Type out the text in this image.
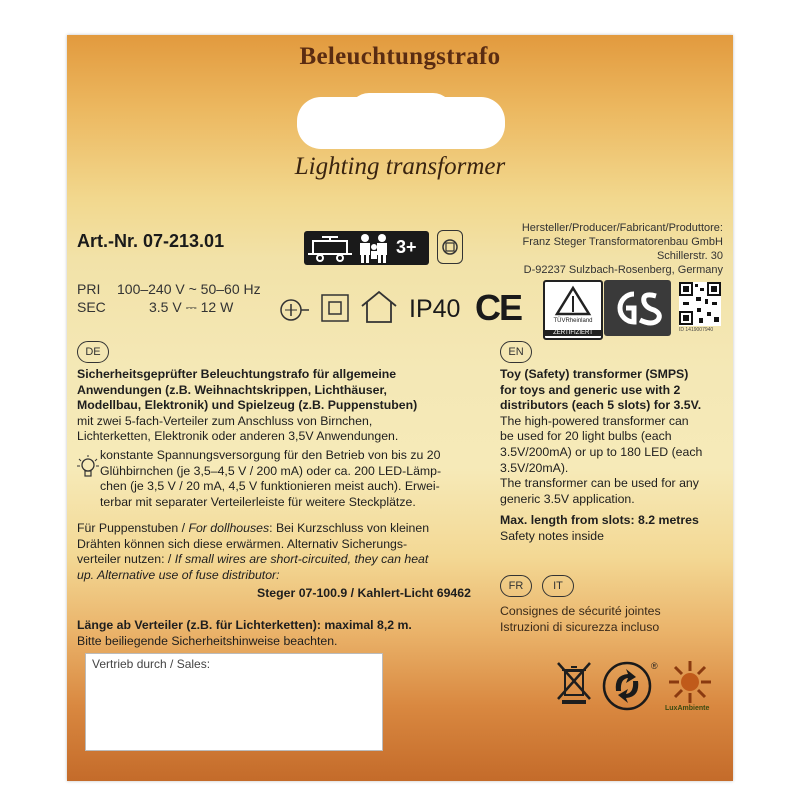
Beleuchtungstrafo
Lighting transformer
Art.-Nr. 07-213.01	3+
Hersteller/Producer/Fabricant/Produttore:
Franz Steger Transformatorenbau GmbH
Schillerstr. 30
D-92237 Sulzbach-Rosenberg, Germany
PRI 100–240 V ~ 50–60 Hz
SEC	3.5 V ⎓ 12 W	IP40 CE	TÜVRheinland
ZERTIFIZIERT	ID 1419007940
DE	EN
Sicherheitsgeprüfter Beleuchtungstrafo für allgemeine
Anwendungen (z.B. Weihnachtskrippen, Lichthäuser,
Modellbau, Elektronik) und Spielzeug (z.B. Puppenstuben)
mit zwei 5-fach-Verteiler zum Anschluss von Birnchen,
Lichterketten, Elektronik oder anderen 3,5V Anwendungen.
konstante Spannungsversorgung für den Betrieb von bis zu 20
Glühbirnchen (je 3,5–4,5 V / 200 mA) oder ca. 200 LED-Lämp-
chen (je 3,5 V / 20 mA, 4,5 V funktionieren meist auch). Erwei-
terbar mit separater Verteilerleiste für weitere Steckplätze.
Für Puppenstuben / For dollhouses: Bei Kurzschluss von kleinen
Drähten können sich diese erwärmen. Alternativ Sicherungs-
verteiler nutzen: / If small wires are short-circuited, they can heat
up. Alternative use of fuse distributor:
Steger 07-100.9 / Kahlert-Licht 69462
Länge ab Verteiler (z.B. für Lichterketten): maximal 8,2 m.
Bitte beiliegende Sicherheitshinweise beachten.
Toy (Safety) transformer (SMPS)
for toys and generic use with 2
distributors (each 5 slots) for 3.5V.
The high-powered transformer can
be used for 20 light bulbs (each
3.5V/200mA) or up to 180 LED (each
3.5V/20mA).
The transformer can be used for any
generic 3.5V application.
Max. length from slots: 8.2 metres
Safety notes inside
FR	IT
Consignes de sécurité jointes
Istruzioni di sicurezza incluso
Vertrieb durch / Sales:	®
LuxAmbiente
